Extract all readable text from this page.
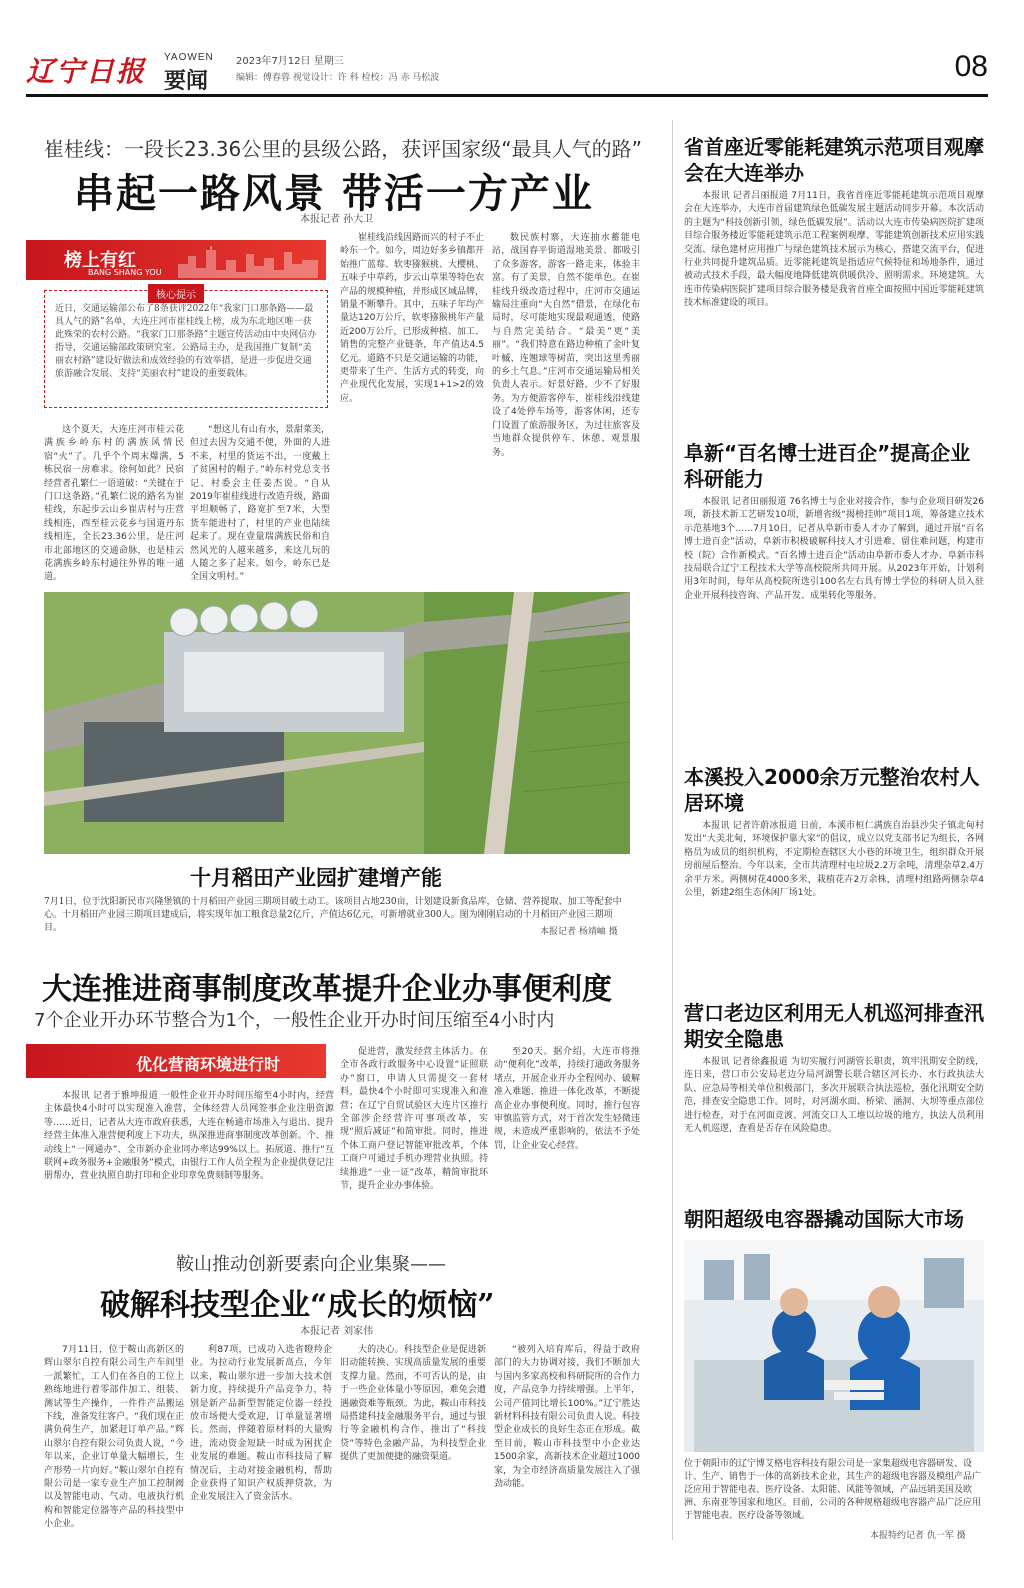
辽宁日报 YAOWEN
要闻
2023年7月12日 星期三
编辑：傅春蓉 视觉设计：许 科 检校：冯 赤 马松波	08
崔桂线：一段长23.36公里的县级公路，获评国家级“最具人气的路”
串起一路风景 带活一方产业
本报记者 孙大卫
榜上有红
BANG SHANG YOU
核心提示
近日，交通运输部公布了8条获评2022年“我家门口那条路——最具人气的路”名单，大连庄河市崔桂线上榜，成为东北地区唯一获此殊荣的农村公路。“我家门口那条路”主题宣传活动由中央网信办指导，交通运输部政策研究室、公路局主办，是我国推广复制“美丽农村路”建设好做法和成效经验的有效举措，是进一步促进交通旅游融合发展、支持“美丽农村”建设的重要载体。

这个夏天，大连庄河市桂云花满族乡岭东村的满族风情民宿“火”了。几乎个个周末爆满，5栋民宿一房难求。徐何如此？民宿经营者孔繁仁一语道破：“关键在于门口这条路。”孔繁仁说的路名为崔桂线，东起步云山乡崔店村与庄营线相连，西至桂云花乡与国道丹东线相连，全长23.36公里，是庄河市北部地区的交通命脉，也是桂云花满族乡岭东村通往外界的唯一通道。

“想这儿有山有水，景甜菜美，但过去因为交通不便，外面的人进不来，村里的货运不出，一度戴上了贫困村的帽子。”岭东村党总支书记、村委会主任姜杰说。“自从2019年崔桂线进行改造升级，路面平坦顺畅了，路宽扩至7米，大型货车能进村了，村里的产业也陆续起来了。现在壹量瑞满族民俗和自然风光的人越来越多，来这儿玩的人随之多了起来。如今，岭东已是全国文明村。”

崔桂线沿线因路而兴的村子不止岭东一个。如今，周边好多乡镇都开始推广蓝莓、软枣猕猴桃、大樱桃、五味子中草药，步云山草果等特色农产品的规模种植，并形成区域品牌，销量不断攀升。其中，五味子年均产量达120万公斤，软枣猕猴桃年产量近200万公斤，已形成种植、加工、销售的完整产业链条，年产值达4.5亿元。道路不只是交通运输的功能，更带来了生产、生活方式的转变，向产业现代化发展，实现1+1>2的效应。

数民族村寨，大连抽水蓄能电站，战国春平街道湿地美景、都吸引了众多游客，游客一路走来，体验丰富。有了美景，自然不能单色。在崔桂线升级改造过程中，庄河市交通运输局注重向“大自然”借景，在绿化布局时，尽可能地实现最观通透，使路与自然完美结合。“最美”更“美丽”。“我们特意在路边种植了金叶复叶槭、连翘球等树苗，突出这里秀丽的乡土气息。”庄河市交通运输局相关负责人表示。好景好路，少不了好服务。为方便游客停车，崔桂线沿线建设了4处停车场等，游客休闲，还专门设置了旅游服务区，为过往旅客及当地群众提供停车、休憩、观景服务。

十月稻田产业园扩建增产能
7月1日，位于沈阳新民市兴隆堡镇的十月稻田产业园三期项目破土动工。该项目占地230亩，计划建设新食品库，仓储、营养提取、加工等配套中心。十月稻田产业园三期项目建成后，将实现年加工粮食总量2亿斤，产值达6亿元，可新增就业300人。图为刚刚启动的十月稻田产业园三期项目。	本报记者 杨靖岫 摄
大连推进商事制度改革提升企业办事便利度
7个企业开办环节整合为1个，一般性企业开办时间压缩至4小时内
优化营商环境进行时

本报讯 记者于雅坤报道 一般性企业开办时间压缩至4小时内，经营主体最快4小时可以实现准入准营，全体经营人员网签事企业注册资源等……近日，记者从大连市政府获悉，大连在畅通市场准入与退出、提升经营主体准入准营便利度上下功夫，纵深推进商事制度改革创新。个、推动线上“一网通办”、全市新办企业同办率达99%以上。拓展道、推行“互联网+政务服务+金融服务”模式，由银行工作人员全程为企业提供登记注册帮办，营业执照自助打印和企业印章免费刻制等服务。

促进营，激发经营主体活力。在全市各政行政服务中心设置“证照联办”窗口，申请人只需提交一套材料，最快4个小时即可实现准入和准营；在辽宁自贸试验区大连片区推行全部涉企经营许可事项改革，实现“照后减证”和简审批。同时，推进个体工商户登记智能审批改革，个体工商户可通过手机办理营业执照。持续推进“一业一证”改革，精简审批环节，提升企业办事体验。

至20天。据介绍，大连市将推动“便利化”改革，持续打通政务服务堵点，开展企业开办全程网办、破解准入难题、推进一体化改革，不断提高企业办事便利度。同时，推行包容审慎监管方式，对于首次发生轻微违规，未造成严重影响的，依法不予处罚，让企业安心经营。

鞍山推动创新要素向企业集聚——
破解科技型企业“成长的烦恼”
本报记者 刘家伟

7月11日，位于鞍山高新区的辉山翠尔自控有限公司生产车间里一派繁忙，工人们在各自的工位上熟练地进行着零部件加工、组装、测试等生产操作，一件件产品搬运下线，准备发往客户。“我们现在正满负荷生产，加紧赶订单产品。”辉山翠尔自控有限公司负责人说，“今年以来，企业订单量大幅增长，生产形势一片向好。”鞍山翠尔自控有限公司是一家专业生产加工控制阀以及智能电动、气动、电液执行机构和智能定位器等产品的科技型中小企业。

利87项，已成功入选省瞪羚企业。为拉动行业发展新高点，今年以来，鞍山翠尔进一步加大技术创新力度，持续提升产品竞争力，特别是新产品新型智能定位器一经投放市场便大受欢迎，订单量显著增长。然而，伴随着原材料的大量购进，流动资金短缺一时成为困扰企业发展的难题。鞍山市科技局了解情况后，主动对接金融机构，帮助企业获得了知识产权质押贷款，为企业发展注入了资金活水。

大的决心。科技型企业是促进新旧动能转换、实现高质量发展的重要支撑力量。然而，不可否认的是，由于一些企业体量小等原因，难免会遭遇融资难等瓶颈。为此，鞍山市科技局搭建科技金融服务平台，通过与银行等金融机构合作，推出了“科技贷”等特色金融产品，为科技型企业提供了更加便捷的融资渠道。

“被列入培育库后，得益于政府部门的大力协调对接，我们不断加大与国内多家高校和科研院所的合作力度，产品竞争力持续增强。上半年，公司产值同比增长100%。”辽宁胜达新材料科技有限公司负责人说。科技型企业成长的良好生态正在形成。截至目前，鞍山市科技型中小企业达1500余家，高新技术企业超过1000家，为全市经济高质量发展注入了强劲动能。

省首座近零能耗建筑示范项目观摩会在大连举办

本报讯 记者吕丽报道 7月11日，我省首座近零能耗建筑示范项目观摩会在大连举办，大连市首届建筑绿色低碳发展主题活动同步开幕。本次活动的主题为“科技创新引领，绿色低碳发展”。活动以大连市传染病医院扩建项目综合服务楼近零能耗建筑示范工程案例观摩、零能建筑创新技术应用实践交流、绿色建材应用推广与绿色建筑技术展示为核心，搭建交流平台，促进行业共同提升建筑品质。近零能耗建筑是指适应气候特征和场地条件，通过被动式技术手段，最大幅度地降低建筑供暖供冷、照明需求。环境建筑。大连市传染病医院扩建项目综合服务楼是我省首座全面按照中国近零能耗建筑技术标准建设的项目。

阜新“百名博士进百企”提高企业科研能力

本报讯 记者田丽报道 76名博士与企业对接合作，参与企业项目研发26项，新技术新工艺研发10项，新增省级“揭榜挂帅”项目1项，筹备建立技术示范基地3个……7月10日，记者从阜新市委人才办了解到，通过开展“百名博士进百企”活动，阜新市积极破解科技人才引进难、留住难问题，构建市校（院）合作新模式。“百名博士进百企”活动由阜新市委人才办、阜新市科技局联合辽宁工程技术大学等高校院所共同开展。从2023年开始，计划利用3年时间，每年从高校院所选引100名左右具有博士学位的科研人员入驻企业开展科技咨询、产品开发、成果转化等服务。

本溪投入2000余万元整治农村人居环境

本报讯 记者许蔚冰报道 日前，本溪市桓仁满族自治县沙尖子镇北甸村发出“大美北甸，环境保护靠大家”的倡议，成立以党支部书记为组长，各网格员为成员的组织机构，不定期检查辖区大小巷的环境卫生，组织群众开展房前屋后整治。今年以来，全市共清理村屯垃圾2.2万余吨，清理杂草2.4万余平方米。两侧树花4000多米，栽植花卉2万余株，清理村组路两侧杂草4公里，新建2组生态休闲厂场1处。

营口老边区利用无人机巡河排查汛期安全隐患

本报讯 记者徐鑫报道 为切实履行河湖管长职责，筑牢汛期安全防线，连日来，营口市公安局老边分局河湖警长联合辖区河长办、水行政执法大队、应急局等相关单位积极部门，多次开展联合执法巡检，强化汛期安全防范，排查安全隐患工作。同时，对河湖水面、桥梁、涵洞、大坝等重点部位进行检查，对于在河面竞渡、河流交口人工堆以垃圾的地方，执法人员利用无人机巡逻，查看是否存在风险隐患。

朝阳超级电容器撬动国际大市场
位于朝阳市的辽宁博艾格电容科技有限公司是一家集超级电容器研发、设计、生产、销售于一体的高新技术企业，其生产的超级电容器及模组产品广泛应用于智能电表、医疗设备、太阳能、风能等领域，产品远销美国及欧洲、东南亚等国家和地区。目前，公司的各种规格超级电容器产品广泛应用于智能电表、医疗设备等领域。
本报特约记者 仇一军 摄
